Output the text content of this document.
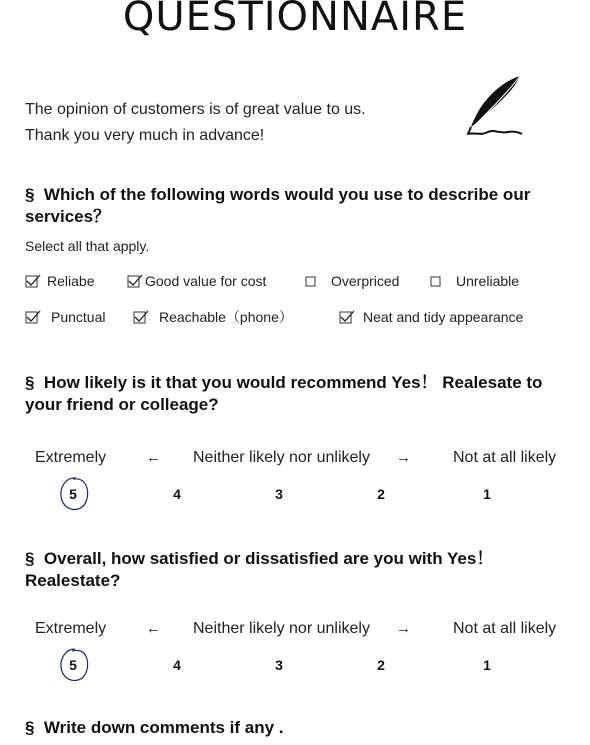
QUESTIONNAIRE
The opinion of customers is of great value to us.
Thank you very much in advance!
§ Which of the following words would you use to describe our services？
Select all that apply.
Reliabe	Good value for cost	Overpriced	Unreliable
Punctual	Reachable（phone）	Neat and tidy appearance
§ How likely is it that you would recommend Yes！ Realesate to your friend or colleage?
Extremely	← Neither likely nor unlikely →	Not at all likely
5	4	3	2	1
§ Overall, how satisfied or dissatisfied are you with Yes！ Realestate?
Extremely	← Neither likely nor unlikely →	Not at all likely
5	4	3	2	1
§ Write down comments if any .
